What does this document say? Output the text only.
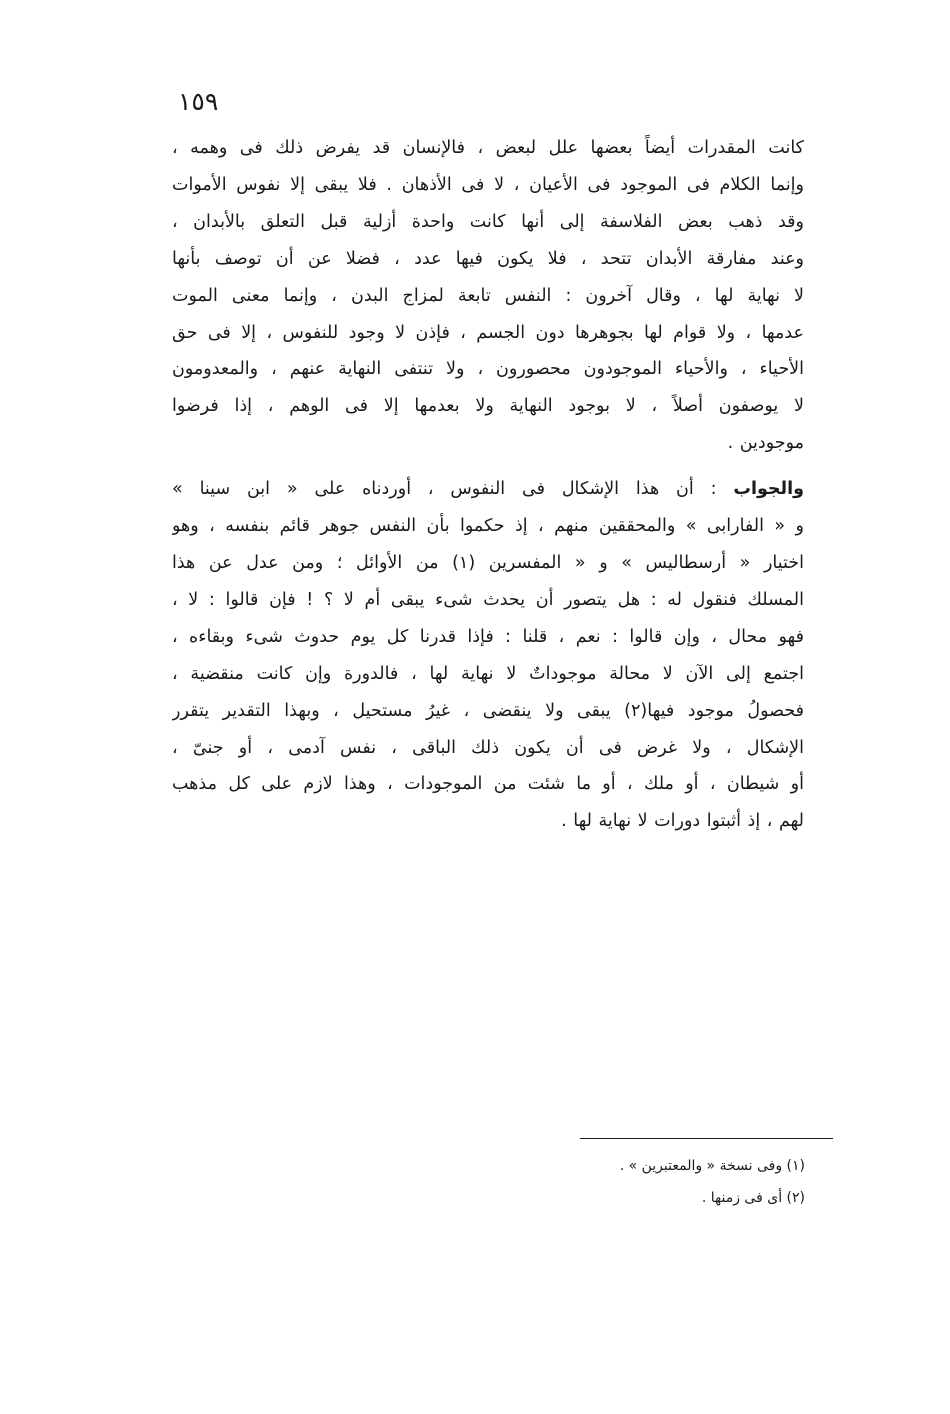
١٥٩
كانت المقدرات أيضاً بعضها علل لبعض ، فالإنسان قد يفرض ذلك فى وهمه ،
وإنما الكلام فى الموجود فى الأعيان ، لا فى الأذهان . فلا يبقى إلا نفوس الأموات
وقد ذهب بعض الفلاسفة إلى أنها كانت واحدة أزلية قبل التعلق بالأبدان ،
وعند مفارقة الأبدان تتحد ، فلا يكون فيها عدد ، فضلا عن أن توصف بأنها
لا نهاية لها ، وقال آخرون : النفس تابعة لمزاج البدن ، وإنما معنى الموت
عدمها ، ولا قوام لها بجوهرها دون الجسم ، فإذن لا وجود للنفوس ، إلا فى حق
الأحياء ، والأحياء الموجودون محصورون ، ولا تنتفى النهاية عنهم ، والمعدومون
لا يوصفون أصلاً ، لا بوجود النهاية ولا بعدمها إلا فى الوهم ، إذا فرضوا
موجودين .
والجواب : أن هذا الإشكال فى النفوس ، أوردناه على « ابن سينا »
و « الفارابى » والمحققين منهم ، إذ حكموا بأن النفس جوهر قائم بنفسه ، وهو
اختيار « أرسطاليس » و « المفسرين (١) من الأوائل ؛ ومن عدل عن هذا
المسلك فنقول له : هل يتصور أن يحدث شىء يبقى أم لا ؟ ! فإن قالوا : لا ،
فهو محال ، وإن قالوا : نعم ، قلنا : فإذا قدرنا كل يوم حدوث شىء وبقاءه ،
اجتمع إلى الآن لا محالة موجوداتٌ لا نهاية لها ، فالدورة وإن كانت منقضية ،
فحصولُ موجود فيها(٢) يبقى ولا ينقضى ، غيرُ مستحيل ، وبهذا التقدير يتقرر
الإشكال ، ولا غرض فى أن يكون ذلك الباقى ، نفس آدمى ، أو جنىّ ،
أو شيطان ، أو ملك ، أو ما شئت من الموجودات ، وهذا لازم على كل مذهب
لهم ، إذ أثبتوا دورات لا نهاية لها .
(١) وفى نسخة « والمعتبرين » .
(٢) أى فى زمنها .
